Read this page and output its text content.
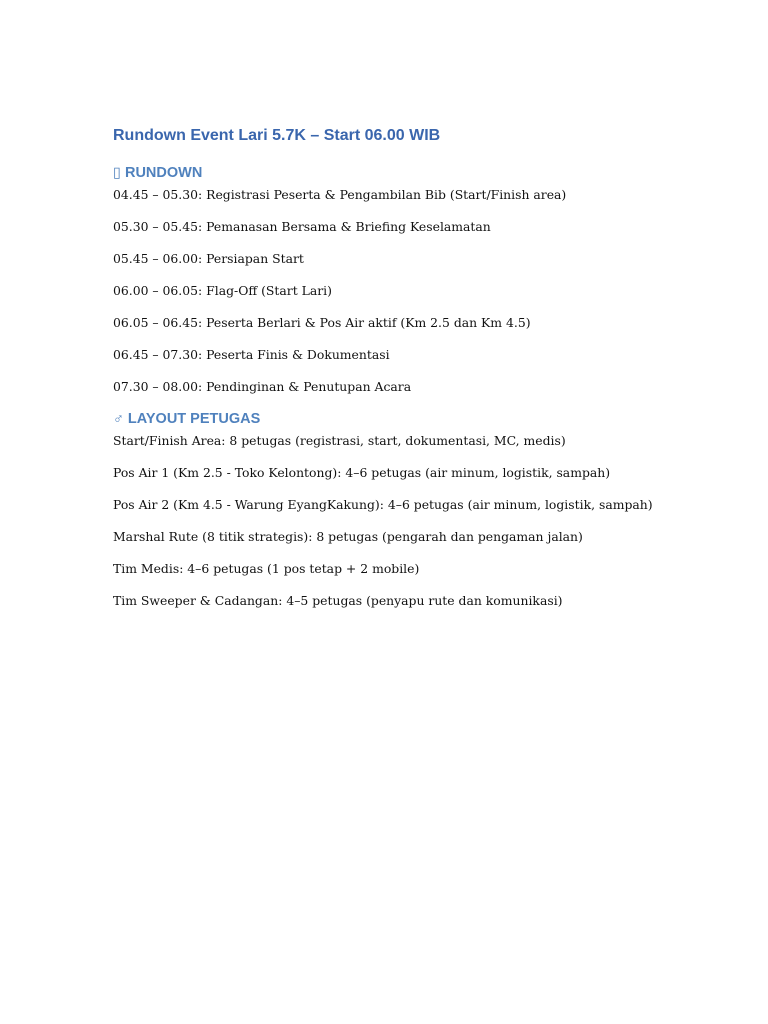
Rundown Event Lari 5.7K – Start 06.00 WIB
▯ RUNDOWN

04.45 – 05.30: Registrasi Peserta & Pengambilan Bib (Start/Finish area)

05.30 – 05.45: Pemanasan Bersama & Briefing Keselamatan

05.45 – 06.00: Persiapan Start

06.00 – 06.05: Flag-Off (Start Lari)

06.05 – 06.45: Peserta Berlari & Pos Air aktif (Km 2.5 dan Km 4.5)

06.45 – 07.30: Peserta Finis & Dokumentasi

07.30 – 08.00: Pendinginan & Penutupan Acara

♂ LAYOUT PETUGAS

Start/Finish Area: 8 petugas (registrasi, start, dokumentasi, MC, medis)

Pos Air 1 (Km 2.5 - Toko Kelontong): 4–6 petugas (air minum, logistik, sampah)

Pos Air 2 (Km 4.5 - Warung EyangKakung): 4–6 petugas (air minum, logistik, sampah)

Marshal Rute (8 titik strategis): 8 petugas (pengarah dan pengaman jalan)

Tim Medis: 4–6 petugas (1 pos tetap + 2 mobile)

Tim Sweeper & Cadangan: 4–5 petugas (penyapu rute dan komunikasi)
